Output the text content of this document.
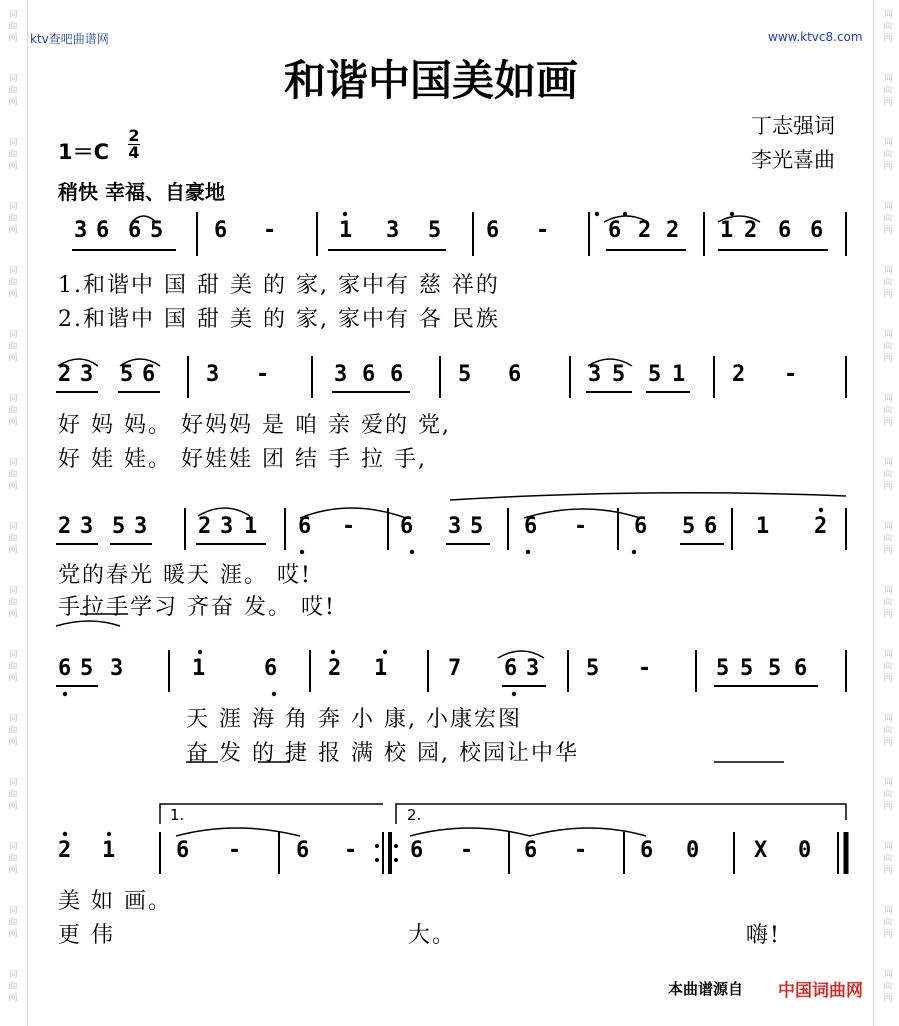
词
曲
网
词
曲
网
词
曲
网
词
曲
网
词
曲
网
词
曲
网
词
曲
网
词
曲
网
词
曲
网
词
曲
网
词
曲
网
词
曲
网
词
曲
网
词
曲
网
词
曲
网
词
曲
网
词
曲
网
词
曲
网
词
曲
网
词
曲
网
词
曲
网
词
曲
网
词
曲
网
词
曲
网
词
曲
网
词
曲
网
词
曲
网
词
曲
网
词
曲
网
词
曲
网
词
曲
网
词
曲
网
ktv查吧曲谱网	www.ktvc8.com
和谐中国美如画
丁志强词
李光喜曲
1＝C
2
4
稍快 幸福、自豪地
3 6 6 5 6 -	1 3 5 6 -	6 2 2 1 2 6 6
1.和谐中 国 甜 美 的 家, 家中有 慈 祥的
2.和谐中 国 甜 美 的 家, 家中有 各 民族
2 3 5 6 3 -	3 6 6 5 6	3 5 5 1 2 -
好 妈 妈。 好妈妈 是 咱 亲 爱的 党,
好 娃 娃。 好娃娃 团 结 手 拉 手,
2 3 5 3 2 3 1 6 - 6 3 5 6 - 6 5 6 1 2
党的春光 暖天 涯。 哎!
手拉手学习 齐奋 发。 哎!
6 5 3	1	6 2 1	7 6 3 5 -	5 5 5 6
天 涯 海 角 奔 小 康, 小康宏图
奋 发 的 捷 报 满 校 园, 校园让中华
2 1	6 - 6 - 6 - 6 - 6 0 X 0
1.	2.
美 如 画。
更 伟	大。	嗨!
本曲谱源自 中国词曲网
